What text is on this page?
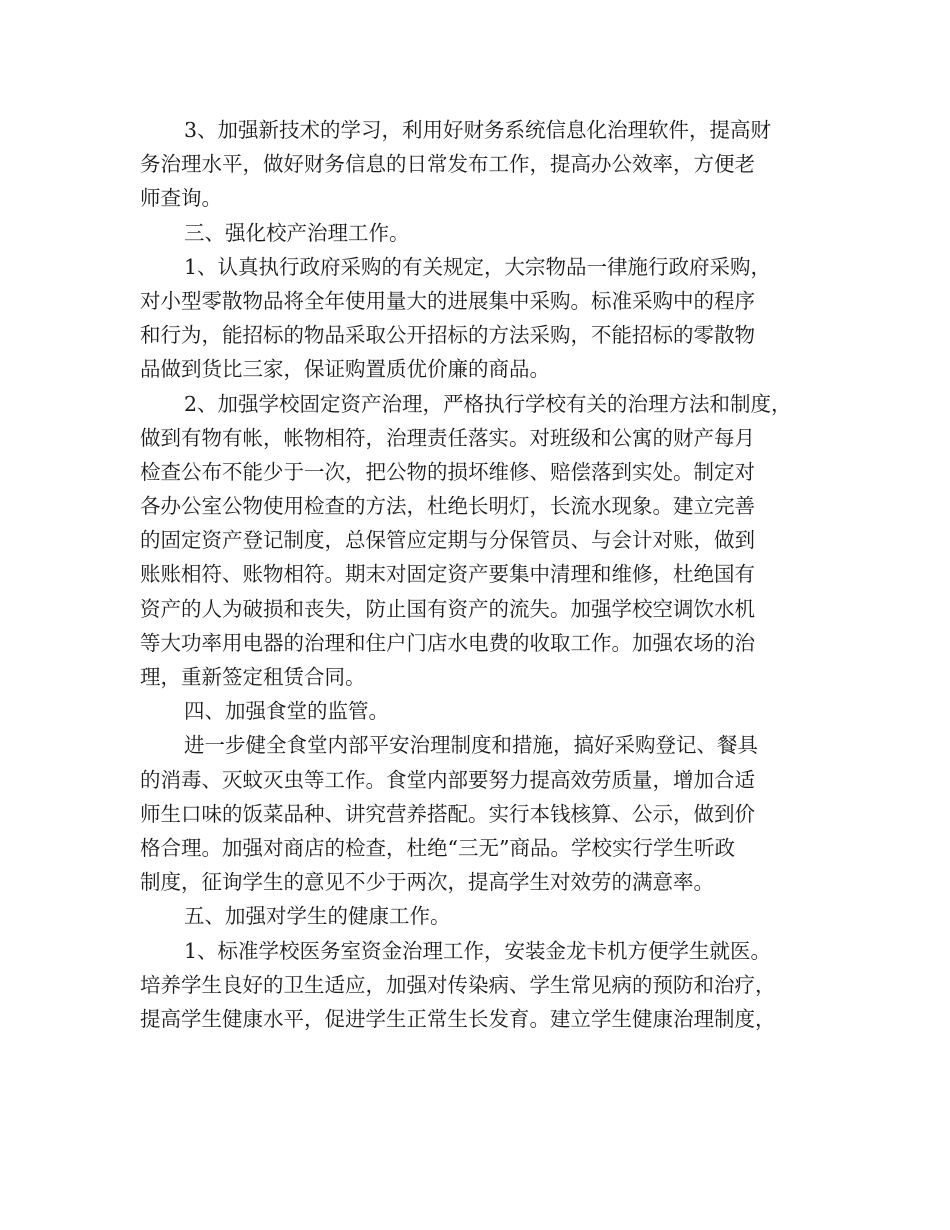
3、加强新技术的学习，利用好财务系统信息化治理软件，提高财
务治理水平，做好财务信息的日常发布工作，提高办公效率，方便老
师查询。
三、强化校产治理工作。
1、认真执行政府采购的有关规定，大宗物品一律施行政府采购，
对小型零散物品将全年使用量大的进展集中采购。标准采购中的程序
和行为，能招标的物品采取公开招标的方法采购，不能招标的零散物
品做到货比三家，保证购置质优价廉的商品。
2、加强学校固定资产治理，严格执行学校有关的治理方法和制度，
做到有物有帐，帐物相符，治理责任落实。对班级和公寓的财产每月
检查公布不能少于一次，把公物的损坏维修、赔偿落到实处。制定对
各办公室公物使用检查的方法，杜绝长明灯，长流水现象。建立完善
的固定资产登记制度，总保管应定期与分保管员、与会计对账，做到
账账相符、账物相符。期末对固定资产要集中清理和维修，杜绝国有
资产的人为破损和丧失，防止国有资产的流失。加强学校空调饮水机
等大功率用电器的治理和住户门店水电费的收取工作。加强农场的治
理，重新签定租赁合同。
四、加强食堂的监管。
进一步健全食堂内部平安治理制度和措施，搞好采购登记、餐具
的消毒、灭蚊灭虫等工作。食堂内部要努力提高效劳质量，增加合适
师生口味的饭菜品种、讲究营养搭配。实行本钱核算、公示，做到价
格合理。加强对商店的检查，杜绝“三无”商品。学校实行学生听政
制度，征询学生的意见不少于两次，提高学生对效劳的满意率。
五、加强对学生的健康工作。
1、标准学校医务室资金治理工作，安装金龙卡机方便学生就医。
培养学生良好的卫生适应，加强对传染病、学生常见病的预防和治疗，
提高学生健康水平，促进学生正常生长发育。建立学生健康治理制度，
